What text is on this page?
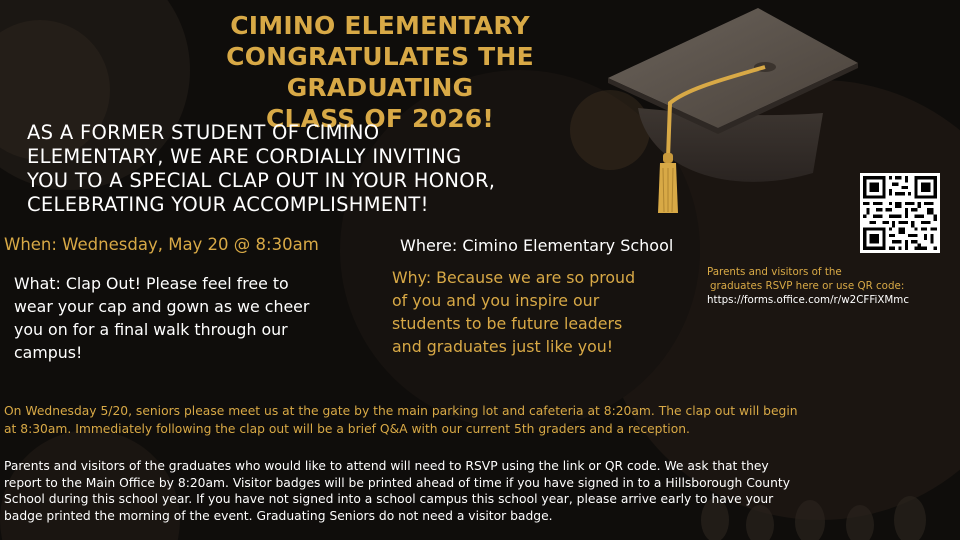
CIMINO ELEMENTARY
CONGRATULATES THE GRADUATING
CLASS OF 2026!
AS A FORMER STUDENT OF CIMINO
ELEMENTARY, WE ARE CORDIALLY INVITING
YOU TO A SPECIAL CLAP OUT IN YOUR HONOR,
CELEBRATING YOUR ACCOMPLISHMENT!
When: Wednesday, May 20 @ 8:30am	Where: Cimino Elementary School
What: Clap Out! Please feel free to
wear your cap and gown as we cheer
you on for a final walk through our
campus!
Why: Because we are so proud
of you and you inspire our
students to be future leaders
and graduates just like you!
Parents and visitors of the
graduates RSVP here or use QR code:
https://forms.office.com/r/w2CFFiXMmc
On Wednesday 5/20, seniors please meet us at the gate by the main parking lot and cafeteria at 8:20am. The clap out will begin
at 8:30am. Immediately following the clap out will be a brief Q&A with our current 5th graders and a reception.
Parents and visitors of the graduates who would like to attend will need to RSVP using the link or QR code. We ask that they
report to the Main Office by 8:20am. Visitor badges will be printed ahead of time if you have signed in to a Hillsborough County
School during this school year. If you have not signed into a school campus this school year, please arrive early to have your
badge printed the morning of the event. Graduating Seniors do not need a visitor badge.
